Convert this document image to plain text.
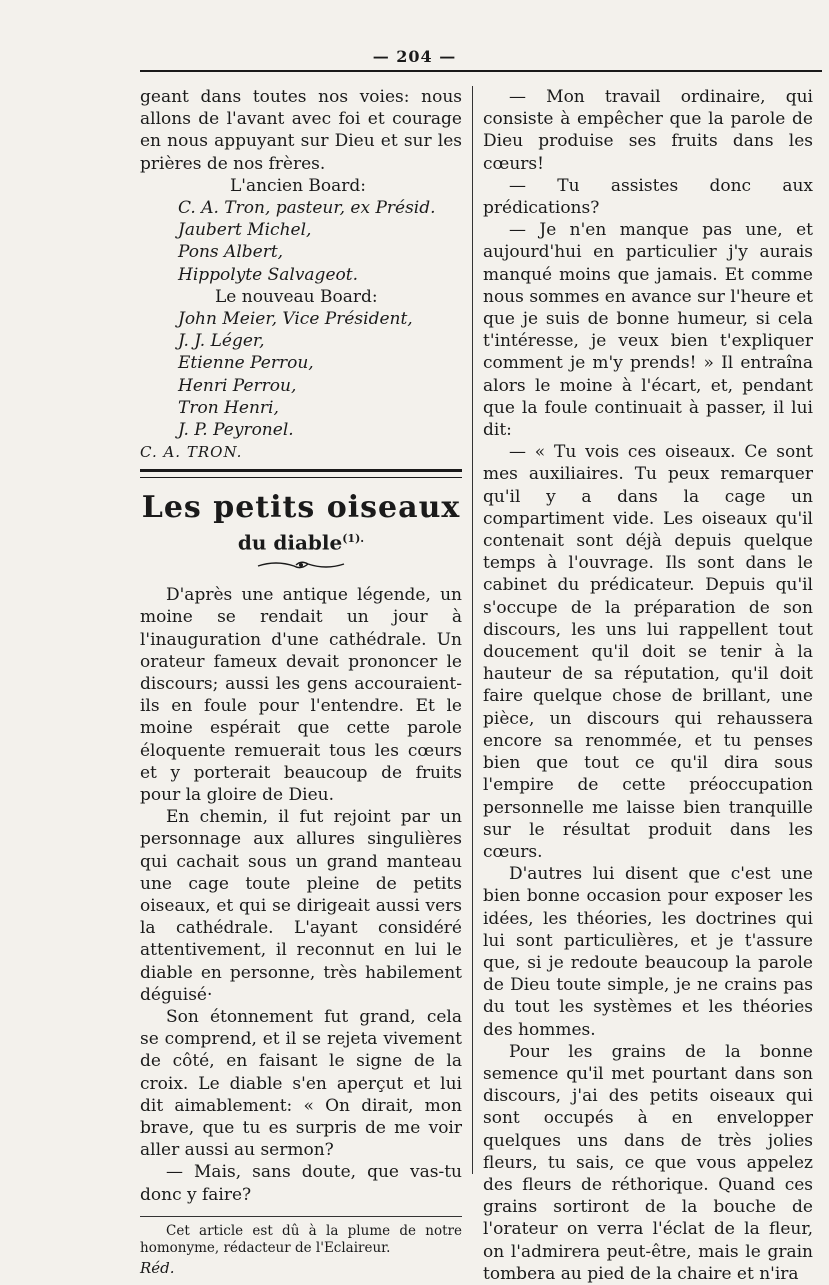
— 204 —

geant dans toutes nos voies: nous allons de l'avant avec foi et courage en nous appuyant sur Dieu et sur les prières de nos frères.

L'ancien Board:

C. A. Tron, pasteur, ex Présid.

Jaubert Michel,

Pons Albert,

Hippolyte Salvageot.

Le nouveau Board:

John Meier, Vice Président,

J. J. Léger,

Etienne Perrou,

Henri Perrou,

Tron Henri,

J. P. Peyronel.

C. A. TRON.

Les petits oiseaux
du diable$^{(1).}$

D'après une antique légende, un moine se rendait un jour à l'inauguration d'une cathédrale. Un orateur fameux devait prononcer le discours; aussi les gens accouraient-ils en foule pour l'entendre. Et le moine espérait que cette parole éloquente remuerait tous les cœurs et y porterait beaucoup de fruits pour la gloire de Dieu.

En chemin, il fut rejoint par un personnage aux allures singulières qui cachait sous un grand manteau une cage toute pleine de petits oiseaux, et qui se dirigeait aussi vers la cathédrale. L'ayant considéré attentivement, il reconnut en lui le diable en personne, très habilement déguisé·

Son étonnement fut grand, cela se comprend, et il se rejeta vivement de côté, en faisant le signe de la croix. Le diable s'en aperçut et lui dit aimablement: « On dirait, mon brave, que tu es surpris de me voir aller aussi au sermon?

— Mais, sans doute, que vas-tu donc y faire?

Cet article est dû à la plume de notre homonyme, rédacteur de l'Eclaireur.

Réd.

— Mon travail ordinaire, qui consiste à empêcher que la parole de Dieu produise ses fruits dans les cœurs!

— Tu assistes donc aux prédications?

— Je n'en manque pas une, et aujourd'hui en particulier j'y aurais manqué moins que jamais. Et comme nous sommes en avance sur l'heure et que je suis de bonne humeur, si cela t'intéresse, je veux bien t'expliquer comment je m'y prends! » Il entraîna alors le moine à l'écart, et, pendant que la foule continuait à passer, il lui dit:

— « Tu vois ces oiseaux. Ce sont mes auxiliaires. Tu peux remarquer qu'il y a dans la cage un compartiment vide. Les oiseaux qu'il contenait sont déjà depuis quelque temps à l'ouvrage. Ils sont dans le cabinet du prédicateur. Depuis qu'il s'occupe de la préparation de son discours, les uns lui rappellent tout doucement qu'il doit se tenir à la hauteur de sa réputation, qu'il doit faire quelque chose de brillant, une pièce, un discours qui rehaussera encore sa renommée, et tu penses bien que tout ce qu'il dira sous l'empire de cette préoccupation personnelle me laisse bien tranquille sur le résultat produit dans les cœurs.

D'autres lui disent que c'est une bien bonne occasion pour exposer les idées, les théories, les doctrines qui lui sont particulières, et je t'assure que, si je redoute beaucoup la parole de Dieu toute simple, je ne crains pas du tout les systèmes et les théories des hommes.

Pour les grains de la bonne semence qu'il met pourtant dans son discours, j'ai des petits oiseaux qui sont occupés à en envelopper quelques uns dans de très jolies fleurs, tu sais, ce que vous appelez des fleurs de réthorique. Quand ces grains sortiront de la bouche de l'orateur on verra l'éclat de la fleur, on l'admirera peut-être, mais le grain tombera au pied de la chaire et n'ira
